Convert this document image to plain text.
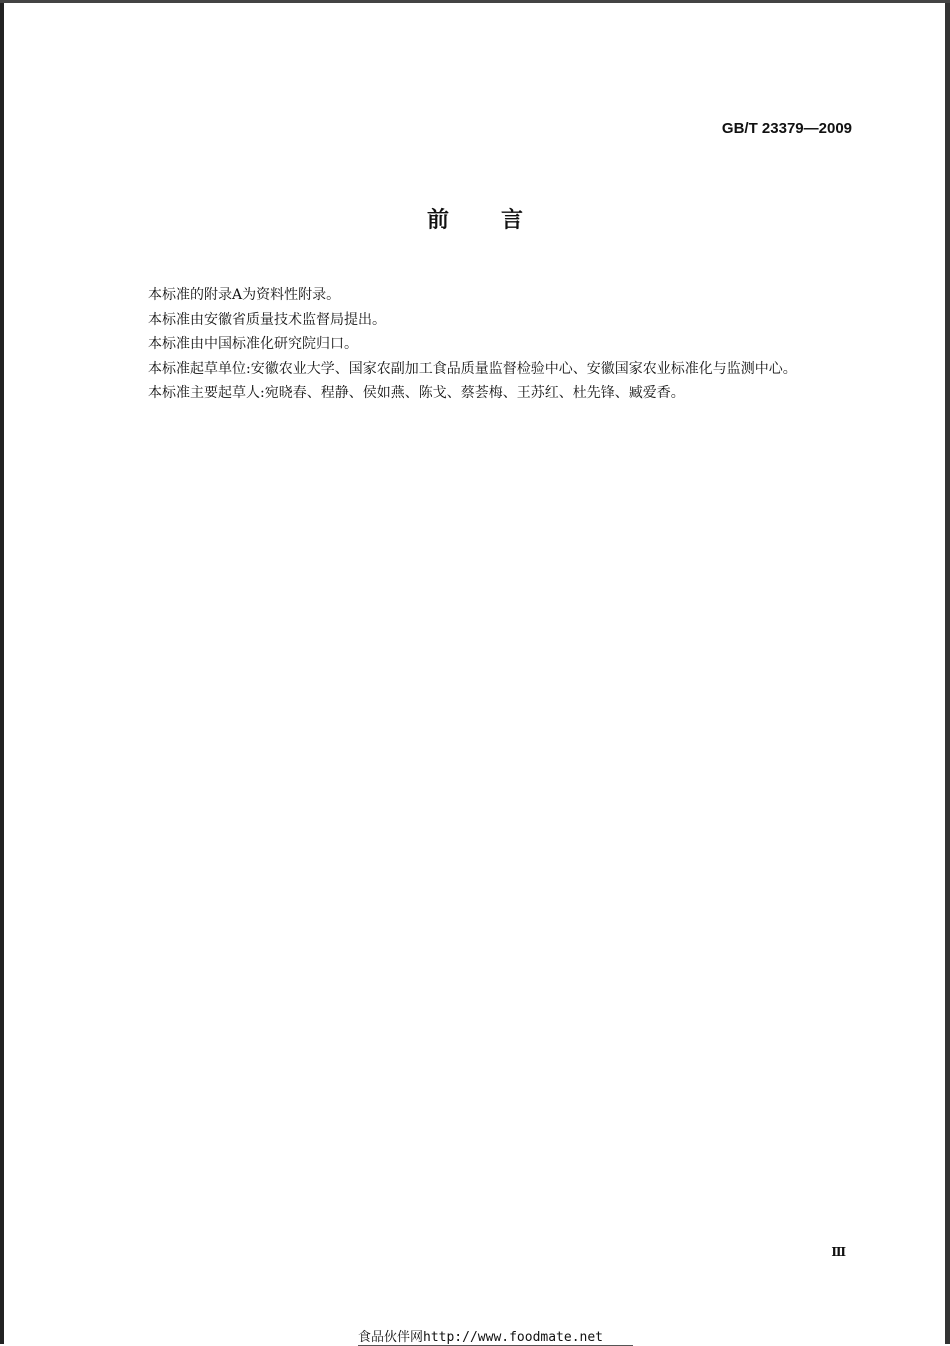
GB/T 23379—2009
前言

本标准的附录A为资料性附录。

本标准由安徽省质量技术监督局提出。

本标准由中国标准化研究院归口。

本标准起草单位:安徽农业大学、国家农副加工食品质量监督检验中心、安徽国家农业标准化与监测中心。

本标准主要起草人:宛晓春、程静、侯如燕、陈戈、蔡荟梅、王苏红、杜先锋、臧爱香。

Ⅲ
食品伙伴网http://www.foodmate.net
